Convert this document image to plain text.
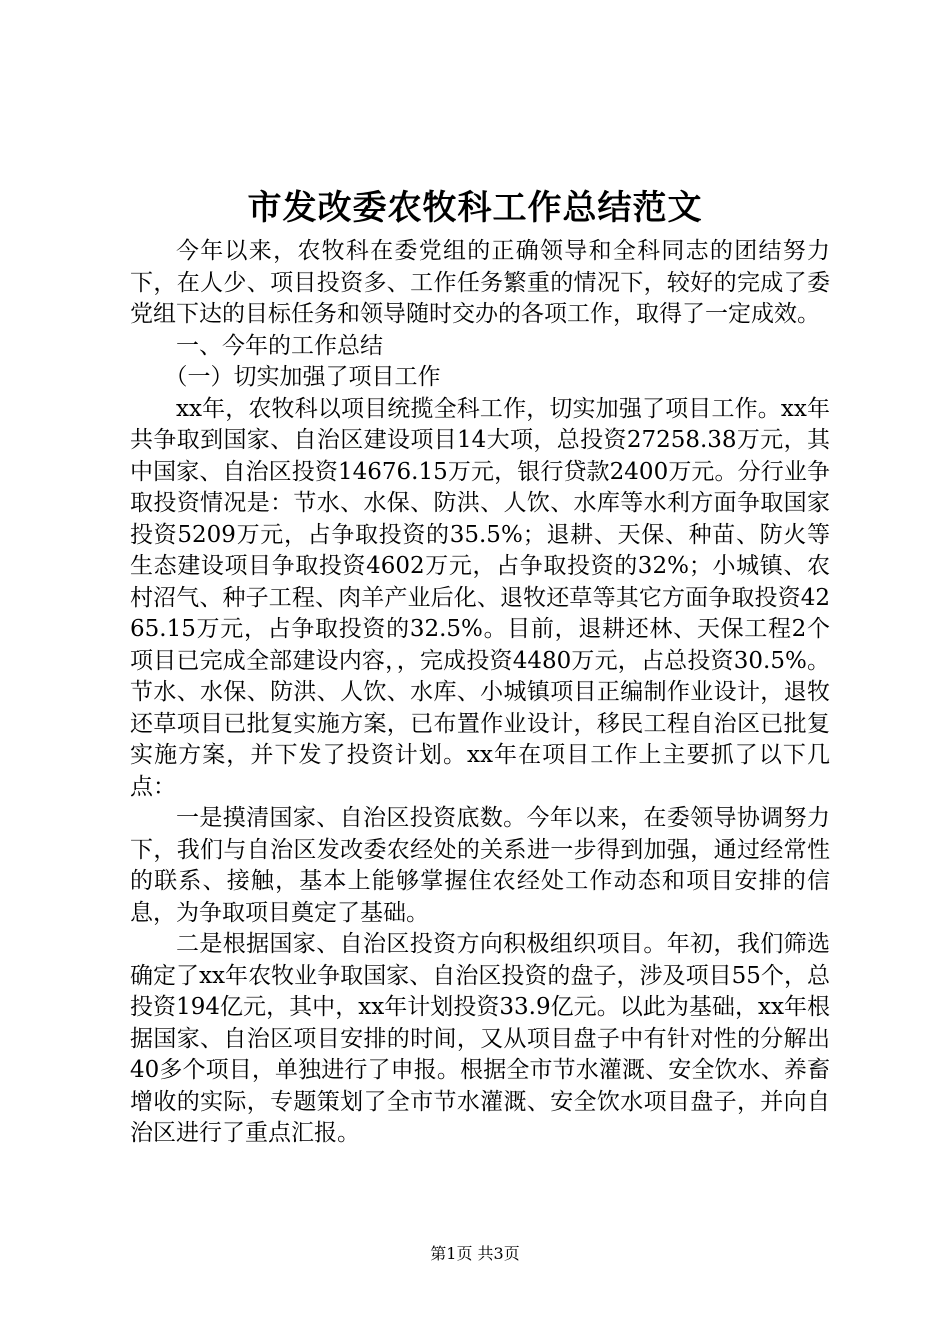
市发改委农牧科工作总结范文

今年以来，农牧科在委党组的正确领导和全科同志的团结努力下，在人少、项目投资多、工作任务繁重的情况下，较好的完成了委党组下达的目标任务和领导随时交办的各项工作，取得了一定成效。

一、今年的工作总结

（一）切实加强了项目工作

xx年，农牧科以项目统揽全科工作，切实加强了项目工作。xx年共争取到国家、自治区建设项目14大项，总投资27258.38万元，其中国家、自治区投资14676.15万元，银行贷款2400万元。分行业争取投资情况是：节水、水保、防洪、人饮、水库等水利方面争取国家投资5209万元，占争取投资的35.5%；退耕、天保、种苗、防火等生态建设项目争取投资4602万元，占争取投资的32%；小城镇、农村沼气、种子工程、肉羊产业后化、退牧还草等其它方面争取投资4265.15万元，占争取投资的32.5%。目前，退耕还林、天保工程2个项目已完成全部建设内容，，完成投资4480万元，占总投资30.5%。节水、水保、防洪、人饮、水库、小城镇项目正编制作业设计，退牧还草项目已批复实施方案，已布置作业设计，移民工程自治区已批复实施方案，并下发了投资计划。xx年在项目工作上主要抓了以下几点：

一是摸清国家、自治区投资底数。今年以来，在委领导协调努力下，我们与自治区发改委农经处的关系进一步得到加强，通过经常性的联系、接触，基本上能够掌握住农经处工作动态和项目安排的信息，为争取项目奠定了基础。

二是根据国家、自治区投资方向积极组织项目。年初，我们筛选确定了xx年农牧业争取国家、自治区投资的盘子，涉及项目55个，总投资194亿元，其中，xx年计划投资33.9亿元。以此为基础，xx年根据国家、自治区项目安排的时间，又从项目盘子中有针对性的分解出40多个项目，单独进行了申报。根据全市节水灌溉、安全饮水、养畜增收的实际，专题策划了全市节水灌溉、安全饮水项目盘子，并向自治区进行了重点汇报。

第1页 共3页
